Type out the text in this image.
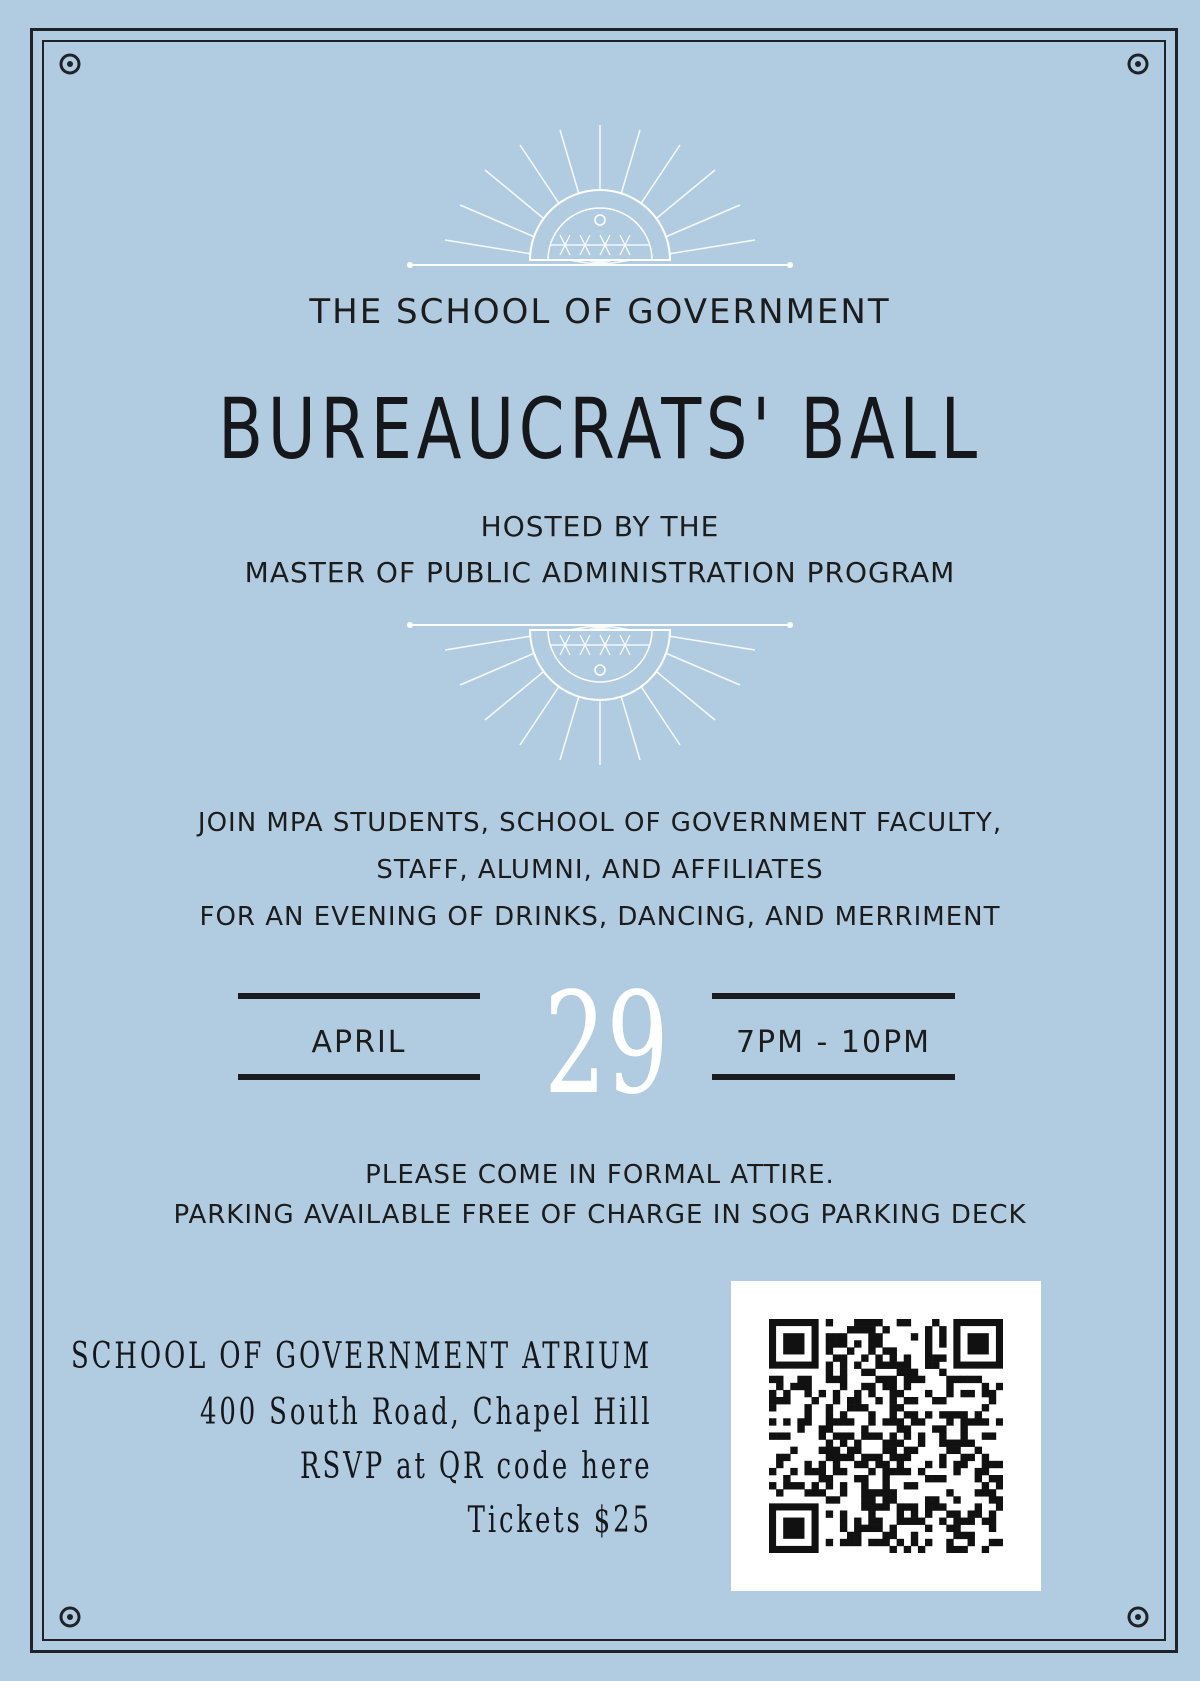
THE SCHOOL OF GOVERNMENT
BUREAUCRATS' BALL
HOSTED BY THE
MASTER OF PUBLIC ADMINISTRATION PROGRAM
JOIN MPA STUDENTS, SCHOOL OF GOVERNMENT FACULTY,
STAFF, ALUMNI, AND AFFILIATES
FOR AN EVENING OF DRINKS, DANCING, AND MERRIMENT
APRIL 29	7PM - 10PM
PLEASE COME IN FORMAL ATTIRE.
PARKING AVAILABLE FREE OF CHARGE IN SOG PARKING DECK
SCHOOL OF GOVERNMENT ATRIUM
400 South Road, Chapel Hill
RSVP at QR code here
Tickets $25
